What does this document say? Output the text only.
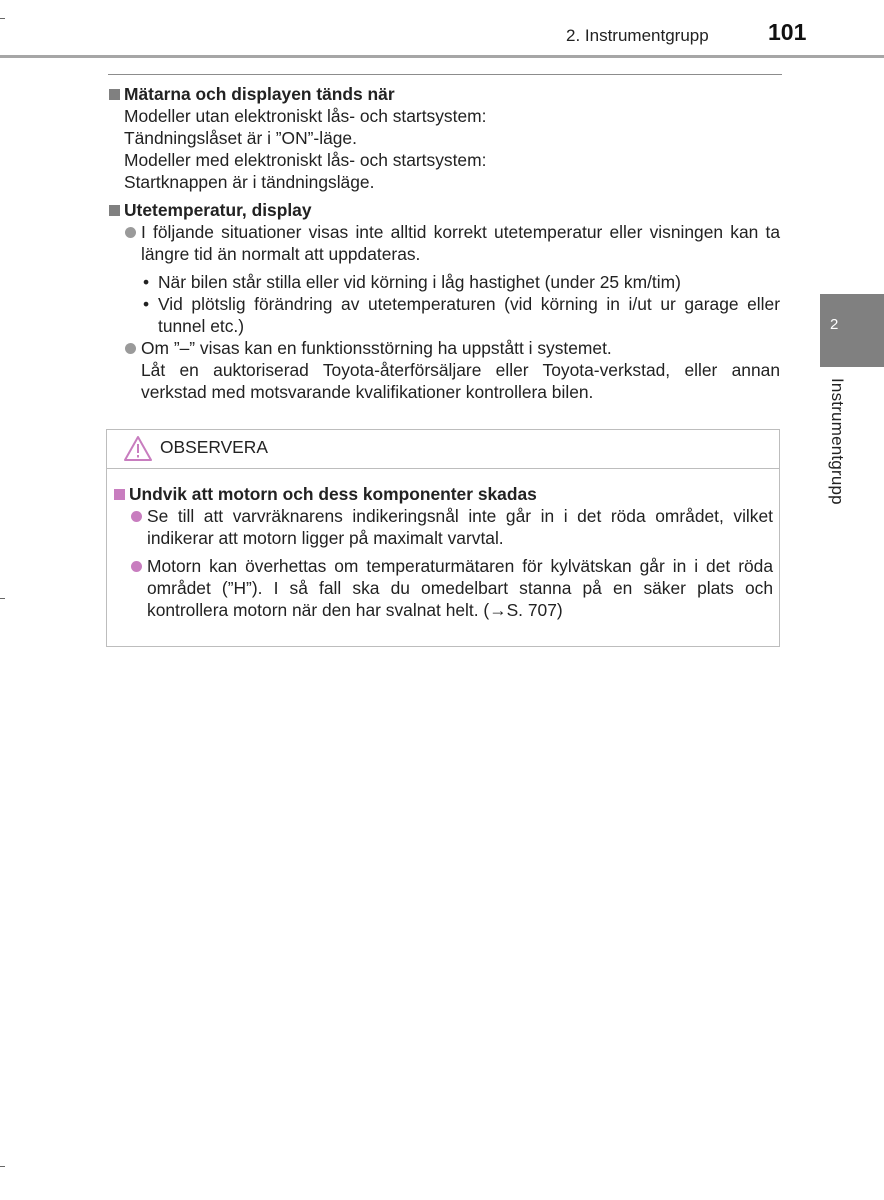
2. Instrumentgrupp	101
2
Instrumentgrupp
Mätarna och displayen tänds när
Modeller utan elektroniskt lås- och startsystem:
Tändningslåset är i ”ON”-läge.
Modeller med elektroniskt lås- och startsystem:
Startknappen är i tändningsläge.
Utetemperatur, display
I följande situationer visas inte alltid korrekt utetemperatur eller visningen kan ta längre tid än normalt att uppdateras.
• När bilen står stilla eller vid körning i låg hastighet (under 25 km/tim)
• Vid plötslig förändring av utetemperaturen (vid körning in i/ut ur garage eller tunnel etc.)
Om ”–” visas kan en funktionsstörning ha uppstått i systemet.
Låt en auktoriserad Toyota-återförsäljare eller Toyota-verkstad, eller annan verkstad med motsvarande kvalifikationer kontrollera bilen.
OBSERVERA
Undvik att motorn och dess komponenter skadas
Se till att varvräknarens indikeringsnål inte går in i det röda området, vilket indikerar att motorn ligger på maximalt varvtal.
Motorn kan överhettas om temperaturmätaren för kylvätskan går in i det röda området (”H”). I så fall ska du omedelbart stanna på en säker plats och kontrollera motorn när den har svalnat helt. (→S. 707)
